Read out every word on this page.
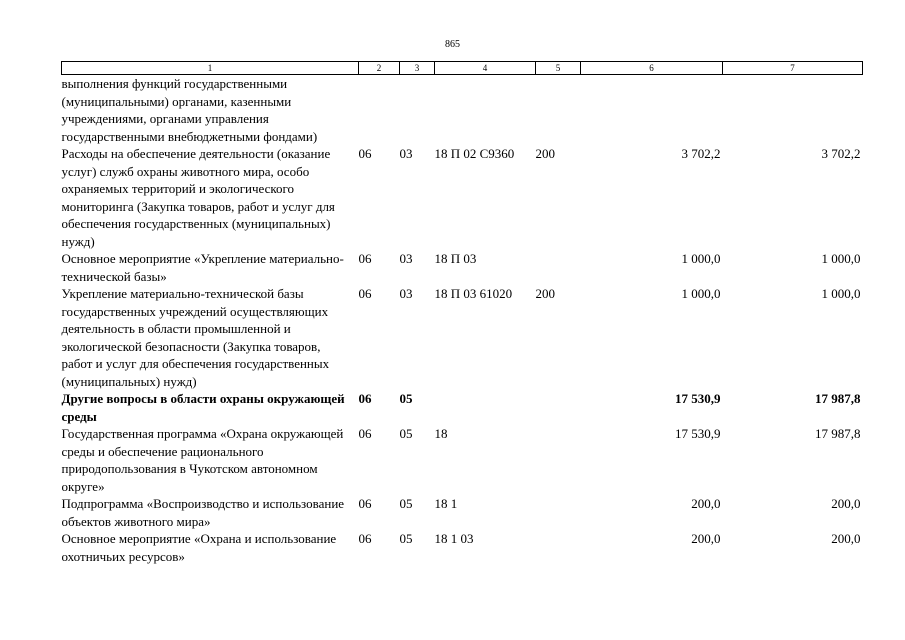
865
1	2	3	4	5	6	7
выполнения функций государственными (муниципальными) органами, казенными учреждениями, органами управления государственными внебюджетными фондами)						
Расходы на обеспечение деятельности (оказание услуг) служб охраны животного мира, особо охраняемых территорий и экологического мониторинга (Закупка товаров, работ и услуг для обеспечения государственных (муниципальных) нужд)	06	03	18 П 02 С9360	200	3 702,2	3 702,2
Основное мероприятие «Укрепление материально-технической базы»	06	03	18 П 03		1 000,0	1 000,0
Укрепление материально-технической базы государственных учреждений осуществляющих деятельность в области промышленной и экологической безопасности (Закупка товаров, работ и услуг для обеспечения государственных (муниципальных) нужд)	06	03	18 П 03 61020	200	1 000,0	1 000,0
Другие вопросы в области охраны окружающей среды	06	05			17 530,9	17 987,8
Государственная программа «Охрана окружающей среды и обеспечение рационального природопользования в Чукотском автономном округе»	06	05	18		17 530,9	17 987,8
Подпрограмма «Воспроизводство и использование объектов животного мира»	06	05	18 1		200,0	200,0
Основное мероприятие «Охрана и использование охотничьих ресурсов»	06	05	18 1 03		200,0	200,0
